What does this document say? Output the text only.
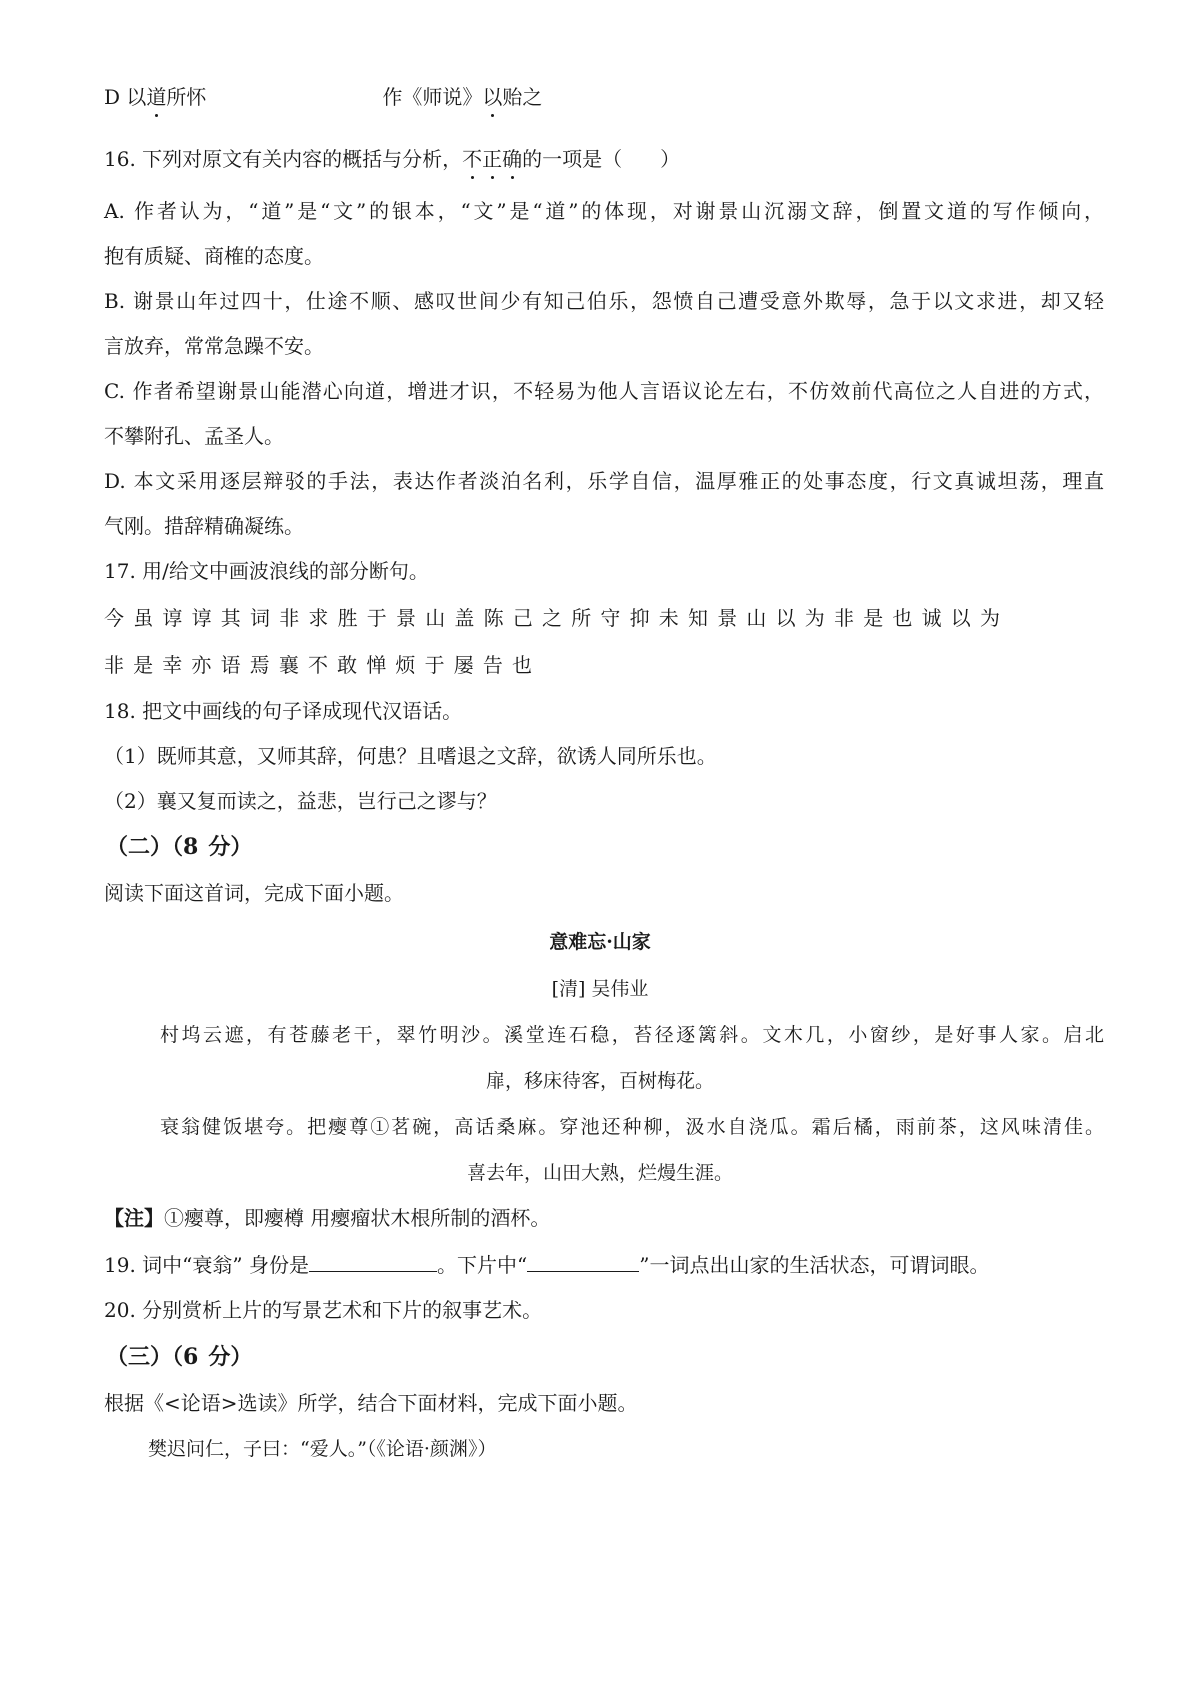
D 以道所怀	作《师说》以贻之
16. 下列对原文有关内容的概括与分析，不正确的一项是（ ）
A. 作者认为，“道”是“文”的银本，“文”是“道”的体现，对谢景山沉溺文辞，倒置文道的写作倾向，
抱有质疑、商榷的态度。
B. 谢景山年过四十，仕途不顺、感叹世间少有知己伯乐，怨愤自己遭受意外欺辱，急于以文求进，却又轻
言放弃，常常急躁不安。
C. 作者希望谢景山能潜心向道，增进才识，不轻易为他人言语议论左右，不仿效前代高位之人自进的方式，
不攀附孔、孟圣人。
D. 本文采用逐层辩驳的手法，表达作者淡泊名利，乐学自信，温厚雅正的处事态度，行文真诚坦荡，理直
气刚。措辞精确凝练。
17. 用/给文中画波浪线的部分断句。
今虽谆谆其词非求胜于景山盖陈己之所守抑未知景山以为非是也诚以为
非是幸亦语焉襄不敢惮烦于屡告也
18. 把文中画线的句子译成现代汉语话。
（1）既师其意，又师其辞，何患？且嗜退之文辞，欲诱人同所乐也。
（2）襄又复而读之，益悲，岂行己之谬与？
（二）（8 分）
阅读下面这首词，完成下面小题。
意难忘·山家
[清] 吴伟业
村坞云遮，有苍藤老干，翠竹明沙。溪堂连石稳，苔径逐篱斜。文木几，小窗纱，是好事人家。启北
扉，移床待客，百树梅花。
衰翁健饭堪夸。把瘿尊①茗碗，高话桑麻。穿池还种柳，汲水自浇瓜。霜后橘，雨前茶，这风味清佳。
喜去年，山田大熟，烂熳生涯。
【注】①瘿尊，即瘿樽 用瘿瘤状木根所制的酒杯。
19. 词中“衰翁” 身份是	。下片中“	”一词点出山家的生活状态，可谓词眼。
20. 分别赏析上片的写景艺术和下片的叙事艺术。
（三）（6 分）
根据《<论语>选读》所学，结合下面材料，完成下面小题。
樊迟问仁，子曰：“爱人。”（《论语·颜渊》）
